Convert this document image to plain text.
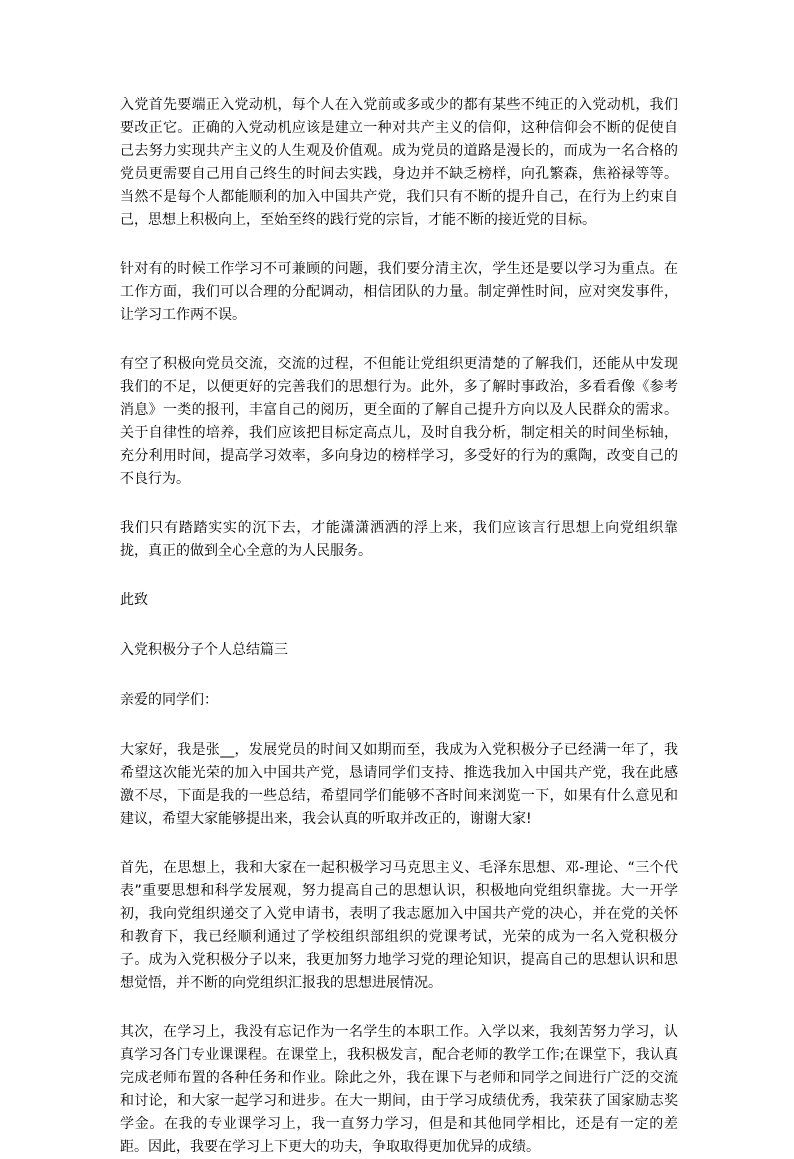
入党首先要端正入党动机，每个人在入党前或多或少的都有某些不纯正的入党动机，我们要改正它。正确的入党动机应该是建立一种对共产主义的信仰，这种信仰会不断的促使自己去努力实现共产主义的人生观及价值观。成为党员的道路是漫长的，而成为一名合格的党员更需要自己用自己终生的时间去实践，身边并不缺乏榜样，向孔繁森，焦裕禄等等。当然不是每个人都能顺利的加入中国共产党，我们只有不断的提升自己，在行为上约束自己，思想上积极向上，至始至终的践行党的宗旨，才能不断的接近党的目标。

针对有的时候工作学习不可兼顾的问题，我们要分清主次，学生还是要以学习为重点。在工作方面，我们可以合理的分配调动，相信团队的力量。制定弹性时间，应对突发事件，让学习工作两不误。

有空了积极向党员交流，交流的过程，不但能让党组织更清楚的了解我们，还能从中发现我们的不足，以便更好的完善我们的思想行为。此外，多了解时事政治，多看看像《参考消息》一类的报刊，丰富自己的阅历，更全面的了解自己提升方向以及人民群众的需求。关于自律性的培养，我们应该把目标定高点儿，及时自我分析，制定相关的时间坐标轴，充分利用时间，提高学习效率，多向身边的榜样学习，多受好的行为的熏陶，改变自己的不良行为。

我们只有踏踏实实的沉下去，才能潇潇洒洒的浮上来，我们应该言行思想上向党组织靠拢，真正的做到全心全意的为人民服务。

此致

入党积极分子个人总结篇三

亲爱的同学们：

大家好，我是张__，发展党员的时间又如期而至，我成为入党积极分子已经满一年了，我希望这次能光荣的加入中国共产党，恳请同学们支持、推选我加入中国共产党，我在此感激不尽，下面是我的一些总结，希望同学们能够不吝时间来浏览一下，如果有什么意见和建议，希望大家能够提出来，我会认真的听取并改正的，谢谢大家!

首先，在思想上，我和大家在一起积极学习马克思主义、毛泽东思想、邓-理论、“三个代表”重要思想和科学发展观，努力提高自己的思想认识，积极地向党组织靠拢。大一开学初，我向党组织递交了入党申请书，表明了我志愿加入中国共产党的决心，并在党的关怀和教育下，我已经顺利通过了学校组织部组织的党课考试，光荣的成为一名入党积极分子。成为入党积极分子以来，我更加努力地学习党的理论知识，提高自己的思想认识和思想觉悟，并不断的向党组织汇报我的思想进展情况。

其次，在学习上，我没有忘记作为一名学生的本职工作。入学以来，我刻苦努力学习，认真学习各门专业课课程。在课堂上，我积极发言，配合老师的教学工作;在课堂下，我认真完成老师布置的各种任务和作业。除此之外，我在课下与老师和同学之间进行广泛的交流和讨论，和大家一起学习和进步。在大一期间，由于学习成绩优秀，我荣获了国家励志奖学金。在我的专业课学习上，我一直努力学习，但是和其他同学相比，还是有一定的差距。因此，我要在学习上下更大的功夫，争取取得更加优异的成绩。
